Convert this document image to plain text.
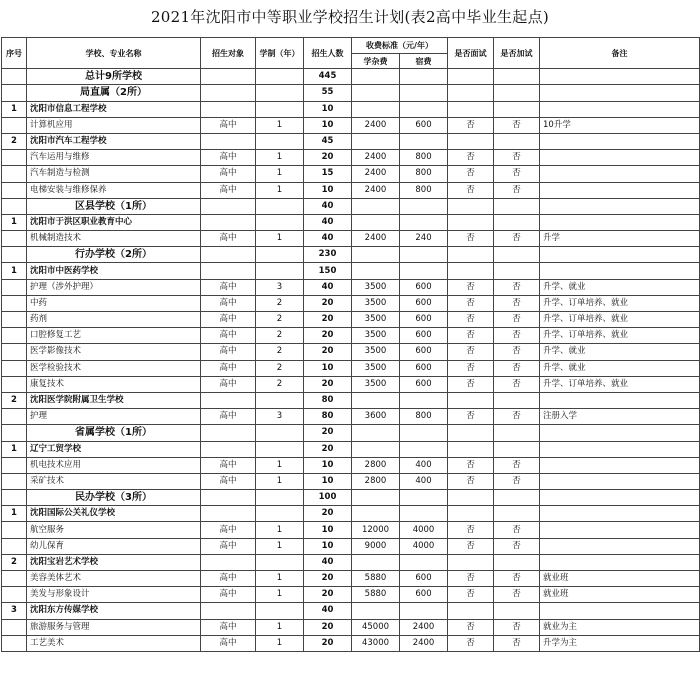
2021年沈阳市中等职业学校招生计划(表2高中毕业生起点)
序号	学校、专业名称	招生对象	学制（年）	招生人数	收费标准（元/年）		是否面试	是否加试	备注
					学杂费	宿费			
	总计9所学校			445					
	局直属（2所）			55					
1	沈阳市信息工程学校			10					
	计算机应用	高中	1	10	2400	600	否	否	10升学
2	沈阳市汽车工程学校			45					
	汽车运用与维修	高中	1	20	2400	800	否	否	
	汽车制造与检测	高中	1	15	2400	800	否	否	
	电梯安装与维修保养	高中	1	10	2400	800	否	否	
	区县学校（1所）			40					
1	沈阳市于洪区职业教育中心			40					
	机械制造技术	高中	1	40	2400	240	否	否	升学
	行办学校（2所）			230					
1	沈阳市中医药学校			150					
	护理（涉外护理）	高中	3	40	3500	600	否	否	升学、就业
	中药	高中	2	20	3500	600	否	否	升学、订单培养、就业
	药剂	高中	2	20	3500	600	否	否	升学、订单培养、就业
	口腔修复工艺	高中	2	20	3500	600	否	否	升学、订单培养、就业
	医学影像技术	高中	2	20	3500	600	否	否	升学、就业
	医学检验技术	高中	2	10	3500	600	否	否	升学、就业
	康复技术	高中	2	20	3500	600	否	否	升学、订单培养、就业
2	沈阳医学院附属卫生学校			80					
	护理	高中	3	80	3600	800	否	否	注册入学
	省属学校（1所）			20					
1	辽宁工贸学校			20					
	机电技术应用	高中	1	10	2800	400	否	否	
	采矿技术	高中	1	10	2800	400	否	否	
	民办学校（3所）			100					
1	沈阳国际公关礼仪学校			20					
	航空服务	高中	1	10	12000	4000	否	否	
	幼儿保育	高中	1	10	9000	4000	否	否	
2	沈阳宝岩艺术学校			40					
	美容美体艺术	高中	1	20	5880	600	否	否	就业班
	美发与形象设计	高中	1	20	5880	600	否	否	就业班
3	沈阳东方传媒学校			40					
	旅游服务与管理	高中	1	20	45000	2400	否	否	就业为主
	工艺美术	高中	1	20	43000	2400	否	否	升学为主
